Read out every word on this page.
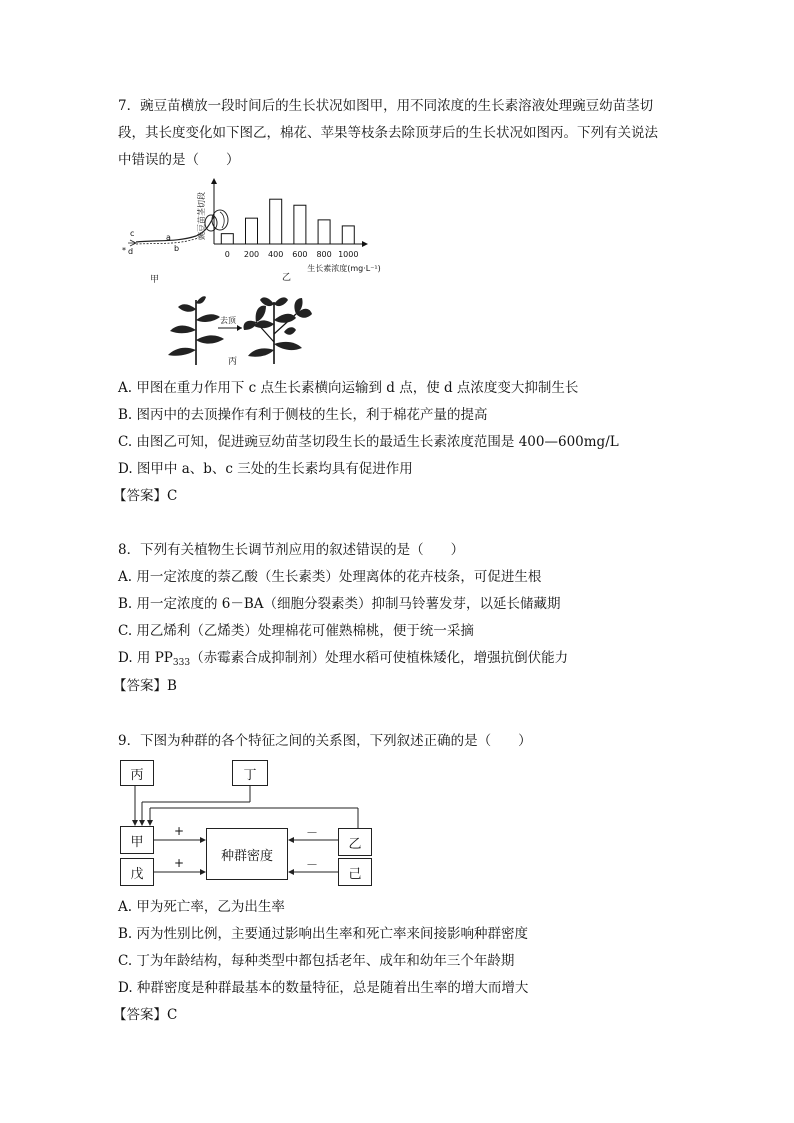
7．豌豆苗横放一段时间后的生长状况如图甲，用不同浓度的生长素溶液处理豌豆幼苗茎切
段，其长度变化如下图乙，棉花、苹果等枝条去除顶芽后的生长状况如图丙。下列有关说法
中错误的是（　　）
c
d
*
a
b
甲
豌豆苗茎切段
0 200 400 600 800 1000
生长素浓度(mg·L⁻¹)
乙
去顶
丙
A. 甲图在重力作用下 c 点生长素横向运输到 d 点，使 d 点浓度变大抑制生长
B. 图丙中的去顶操作有利于侧枝的生长，利于棉花产量的提高
C. 由图乙可知，促进豌豆幼苗茎切段生长的最适生长素浓度范围是 400—600mg/L
D. 图甲中 a、b、c 三处的生长素均具有促进作用
【答案】C
8．下列有关植物生长调节剂应用的叙述错误的是（　　）
A. 用一定浓度的萘乙酸（生长素类）处理离体的花卉枝条，可促进生根
B. 用一定浓度的 6－BA（细胞分裂素类）抑制马铃薯发芽，以延长储藏期
C. 用乙烯利（乙烯类）处理棉花可催熟棉桃，便于统一采摘
D. 用 $PP_{333}$（赤霉素合成抑制剂）处理水稻可使植株矮化，增强抗倒伏能力
【答案】B
9．下图为种群的各个特征之间的关系图，下列叙述正确的是（　　）
丙	丁
甲
戊
种群密度
乙
己
+
+
－
－
A. 甲为死亡率，乙为出生率
B. 丙为性别比例，主要通过影响出生率和死亡率来间接影响种群密度
C. 丁为年龄结构，每种类型中都包括老年、成年和幼年三个年龄期
D. 种群密度是种群最基本的数量特征，总是随着出生率的增大而增大
【答案】C
